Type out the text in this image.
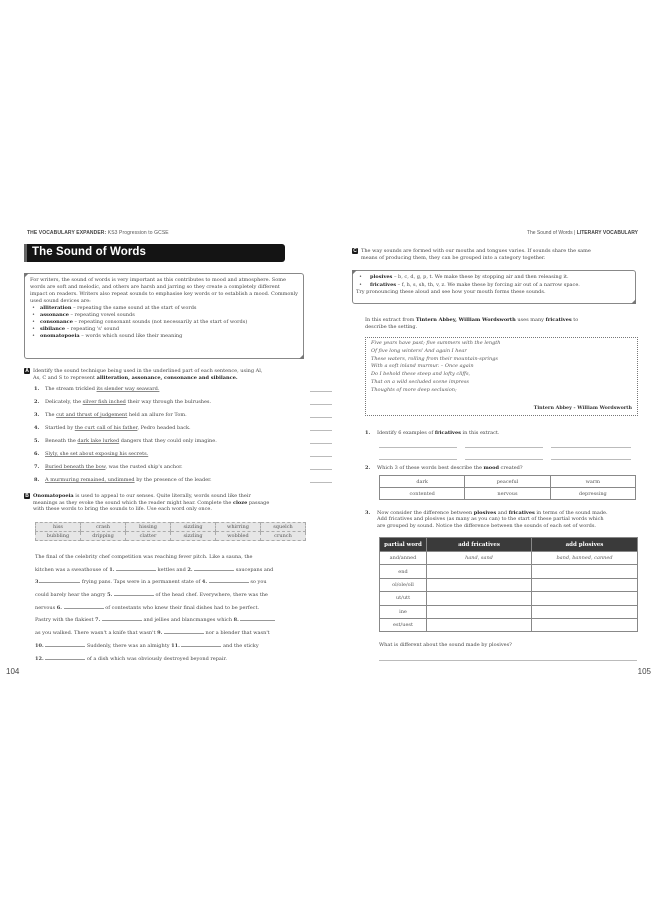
THE VOCABULARY EXPANDER: KS3 Progression to GCSE
The Sound of Words
For writers, the sound of words is very important as this contributes to mood and atmosphere. Some words are soft and melodic, and others are harsh and jarring so they create a completely different impact on readers. Writers also repeat sounds to emphasise key words or to establish a mood. Commonly used sound devices are:
• alliteration – repeating the same sound at the start of words
• assonance – repeating vowel sounds
• consonance – repeating consonant sounds (not necessarily at the start of words)
• sibilance – repeating 's' sound
• onomatopoeia – words which sound like their meaning
A Identify the sound technique being used in the underlined part of each sentence, using Al,
As, C and S to represent alliteration, assonance, consonance and sibilance.
1. The stream trickled its slender way seaward.
2. Delicately, the silver fish inched their way through the bulrushes.
3. The cut and thrust of judgement held an allure for Tom.
4. Startled by the curt call of his father, Pedro headed back.
5. Beneath the dark lake lurked dangers that they could only imagine.
6. Slyly, she set about exposing his secrets.
7. Buried beneath the bow, was the rusted ship's anchor.
8. A murmuring remained, undimmed by the presence of the leader.
B Onomatopoeia is used to appeal to our senses. Quite literally, words sound like their
meanings as they evoke the sound which the reader might hear. Complete the cloze passage
with these words to bring the sounds to life. Use each word only once.
hiss	crash	hissing	sizzling	whirring	squelch
bubbling	dripping	clatter	sizzling	wobbled	crunch
The final of the celebrity chef competition was reaching fever pitch. Like a sauna, the
kitchen was a sweathouse of 1.	kettles and 2.	saucepans and
3.	frying pans. Taps were in a permanent state of 4.	so you
could barely hear the angry 5.	of the head chef. Everywhere, there was the
nervous 6.	of contestants who knew their final dishes had to be perfect.
Pastry with the flakiest 7.	and jellies and blancmanges which 8.
as you walked. There wasn't a knife that wasn't 9.	nor a blender that wasn't
10.	Suddenly, there was an almighty 11.	and the sticky
12.	of a dish which was obviously destroyed beyond repair.
104
The Sound of Words | LITERARY VOCABULARY
C The way sounds are formed with our mouths and tongues varies. If sounds share the same
means of producing them, they can be grouped into a category together.
• plosives – b, c, d, g, p, t. We make these by stopping air and then releasing it.
• fricatives – f, h, s, sh, th, v, z. We make these by forcing air out of a narrow space.
Try pronouncing these aloud and see how your mouth forms these sounds.
In this extract from Tintern Abbey, William Wordsworth uses many fricatives to
describe the setting.
Five years have past; five summers with the length
Of five long winters! And again I hear
These waters, rolling from their mountain-springs
With a soft inland murmur. – Once again
Do I behold these steep and lofty cliffs,
That on a wild secluded scene impress
Thoughts of more deep seclusion;
Tintern Abbey - William Wordsworth
1. Identify 6 examples of fricatives in this extract.
2. Which 3 of these words best describe the mood created?
dark	peaceful	warm
contented	nervous	depressing
3. Now consider the difference between plosives and fricatives in terms of the sound made.
Add fricatives and plosives (as many as you can) to the start of these partial words which
are grouped by sound. Notice the difference between the sounds of each set of words.
partial word	add fricatives	add plosives
and/anned	hand, sand	band, banned, canned
end		
ol/ole/oll		
ut/utt		
ine		
est/uest		
What is different about the sound made by plosives?
105
